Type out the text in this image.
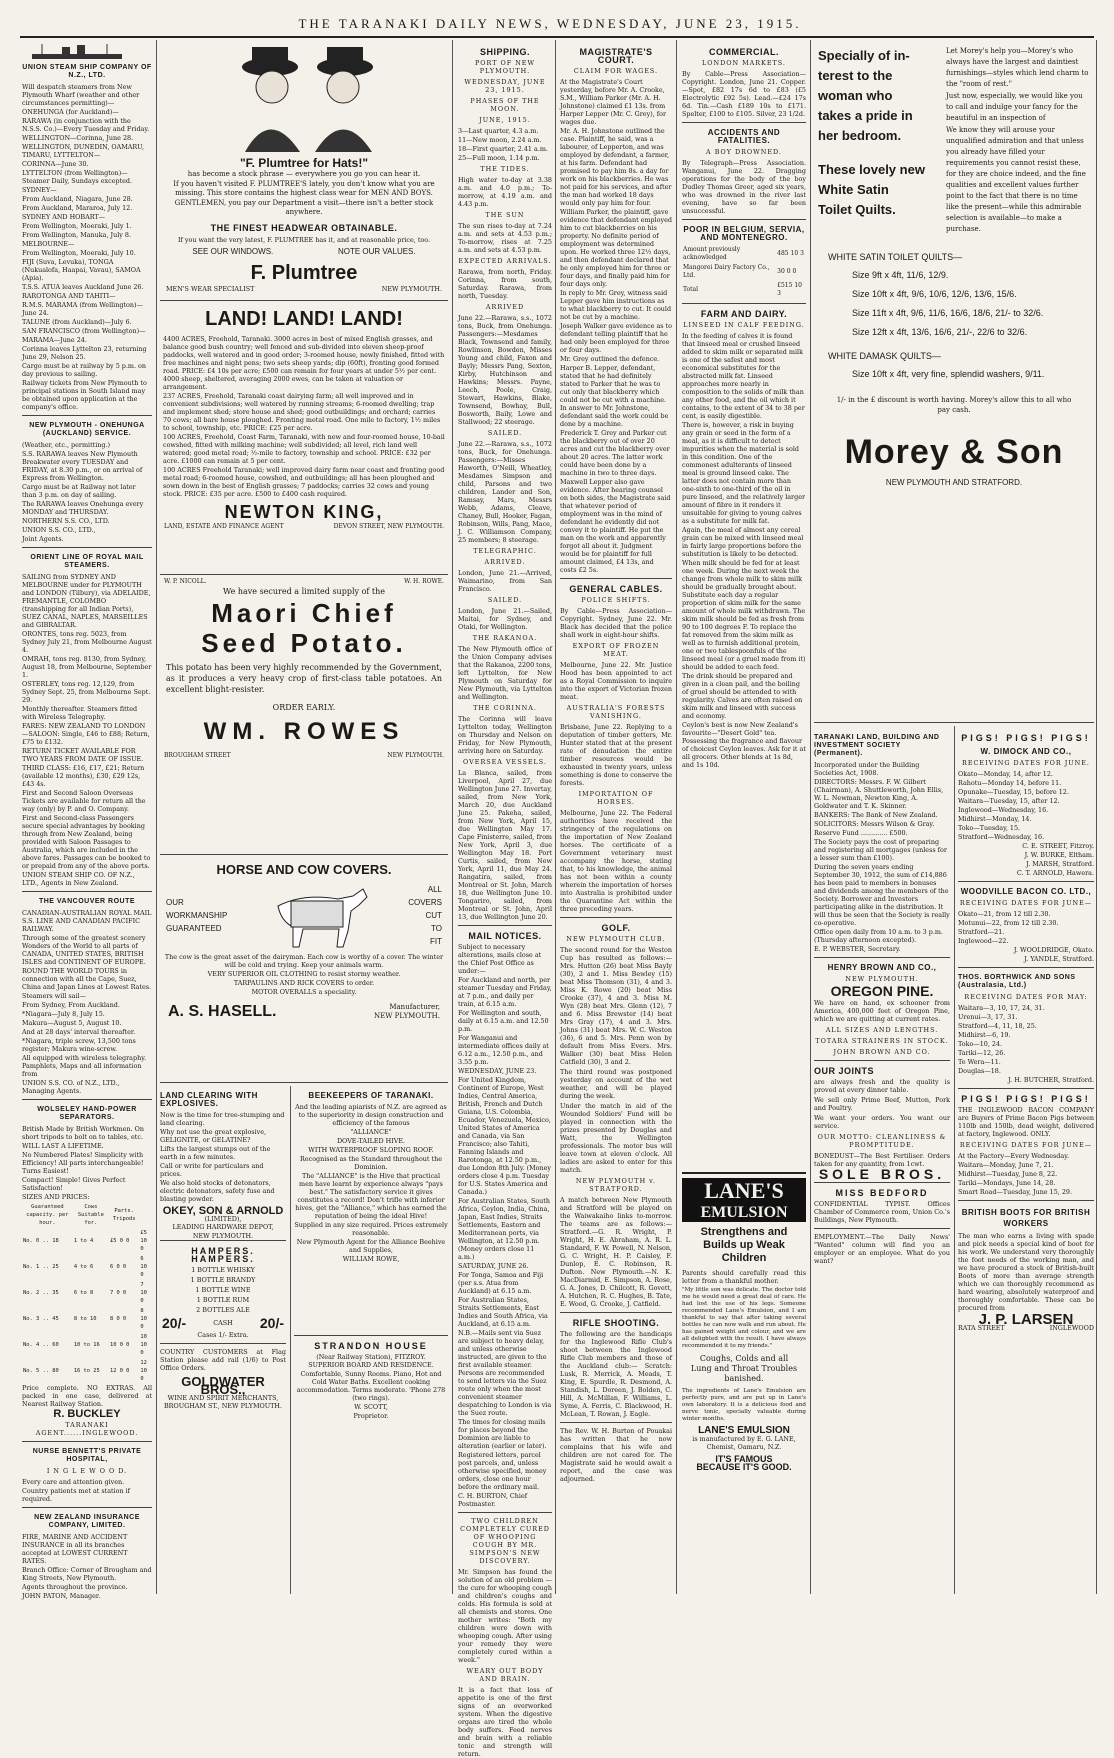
THE TARANAKI DAILY NEWS, WEDNESDAY, JUNE 23, 1915.
UNION STEAM SHIP COMPANY OF N.Z., LTD.
Will despatch steamers from New Plymouth Wharf (weather and other circumstances permitting)—
ONEHUNGA (for Auckland)—
RARAWA (in conjunction with the N.S.S. Co.)—Every Tuesday and Friday.
WELLINGTON—Corinna, June 28.
WELLINGTON, DUNEDIN, OAMARU, TIMARU, LYTTELTON—
CORINNA—June 30.
LYTTELTON (from Wellington)—Steamer Daily, Sundays excepted.
SYDNEY—
From Auckland, Niagara, June 28.
From Auckland, Mararoa, July 12.
SYDNEY AND HOBART—
From Wellington, Moeraki, July 1.
From Wellington, Manuka, July 8.
MELBOURNE—
From Wellington, Moeraki, July 10.
FIJI (Suva, Levuka), TONGA (Nukualofa, Haapai, Vavau), SAMOA (Apia).
T.S.S. ATUA leaves Auckland June 26.
RAROTONGA AND TAHITI—
R.M.S. MARAMA (from Wellington)—June 24.
TALUNE (from Auckland)—July 6.
SAN FRANCISCO (from Wellington)—
MARAMA—June 24.
Corinna leaves Lyttelton 23, returning June 29, Nelson 25.
Cargo must be at railway by 5 p.m. on day previous to sailing.
Railway tickets from New Plymouth to principal stations in South Island may be obtained upon application at the company's office.
NEW PLYMOUTH - ONEHUNGA (AUCKLAND) SERVICE.
(Weather, etc., permitting.)
S.S. RARAWA leaves New Plymouth Breakwater every TUESDAY and FRIDAY, at 8.30 p.m., or on arrival of Express from Wellington.
Cargo must be at Railway not later than 3 p.m. on day of sailing.
The RARAWA leaves Onehunga every MONDAY and THURSDAY.
NORTHERN S.S. CO., LTD.
UNION S.S. CO., LTD.,
Joint Agents.
ORIENT LINE OF ROYAL MAIL STEAMERS.
SAILING from SYDNEY AND MELBOURNE under for PLYMOUTH and LONDON (Tilbury), via ADELAIDE, FREMANTLE, COLOMBO (transhipping for all Indian Ports), SUEZ CANAL, NAPLES, MARSEILLES and GIBRALTAR.
ORONTES, tons reg. 5023, from Sydney July 21, from Melbourne August 4.
OMRAH, tons reg. 8130, from Sydney, August 18, from Melbourne, September 1.
OSTERLEY, tons reg. 12,129, from Sydney Sept. 25, from Melbourne Sept. 29.
Monthly thereafter. Steamers fitted with Wireless Telegraphy.
FARES: NEW ZEALAND TO LONDON —SALOON: Single, £46 to £88; Return, £75 to £132.
RETURN TICKET AVAILABLE FOR TWO YEARS FROM DATE OF ISSUE.
THIRD CLASS: £16, £17, £21; Return (available 12 months), £30, £29 12s, £43 4s.
First and Second Saloon Overseas Tickets are available for return all the way (only) by P. and O. Company.
First and Second-class Passengers secure special advantages by booking through from New Zealand, being provided with Saloon Passages to Australia, which are included in the above fares. Passages can be booked to or prepaid from any of the above ports.
UNION STEAM SHIP CO. OF N.Z., LTD., Agents in New Zealand.
THE VANCOUVER ROUTE
CANADIAN-AUSTRALIAN ROYAL MAIL S.S. LINE AND CANADIAN PACIFIC RAILWAY.
Through some of the greatest scenery Wonders of the World to all parts of CANADA, UNITED STATES, BRITISH ISLES and CONTINENT OF EUROPE.
ROUND THE WORLD TOURS in connection with all the Cape, Suez, China and Japan Lines at Lowest Rates.
Steamers will sail—
From Sydney, From Auckland.
*Niagara—July 8, July 15.
Makura—August 5, August 10.
And at 28 days' interval thereafter.
*Niagara, triple screw, 13,500 tons register; Makura wine-screw.
All equipped with wireless telegraphy. Pamphlets, Maps and all information from
UNION S.S. CO. of N.Z., LTD., Managing Agents.
WOLSELEY HAND-POWER SEPARATORS.
British Made by British Workmen. On short tripods to bolt on to tables, etc.
WILL LAST A LIFETIME.
No Numbered Plates! Simplicity with Efficiency! All parts interchangeable! Turns Easiest!
Compact! Simple! Gives Perfect Satisfaction!
SIZES AND PRICES:
Guaranteed capacity. per hour.	Cows Suitable for.	Parts. Tripods	
No. 0 .. 18	1 to 4	£5 0 0	£5 10 0
No. 1 .. 25	4 to 6	6 0 0	6 10 0
No. 2 .. 35	6 to 8	7 0 0	7 10 0
No. 3 .. 45	8 to 10	8 0 0	8 10 0
No. 4 .. 60	10 to 16	10 0 0	10 10 0
No. 5 .. 80	16 to 25	12 0 0	12 10 0

Price complete. NO EXTRAS. All packed in one case, delivered at Nearest Railway Station.

R. BUCKLEY
TARANAKI AGENT......INGLEWOOD.
NURSE BENNETT'S PRIVATE HOSPITAL,
I N G L E W O O D.
Every care and attention given.
Country patients met at station if required.
NEW ZEALAND INSURANCE COMPANY, LIMITED.
FIRE, MARINE AND ACCIDENT INSURANCE in all its branches accepted at LOWEST CURRENT RATES.
Branch Office: Corner of Brougham and King Streets, New Plymouth.
Agents throughout the province.
JOHN PATON, Manager.
"F. Plumtree for Hats!"
has become a stock phrase — everywhere you go you can hear it.
If you haven't visited F. PLUMTREE'S lately, you don't know what you are missing. This store contains the highest class wear for MEN AND BOYS.
GENTLEMEN, you pay our Department a visit—there isn't a better stock anywhere.
THE FINEST HEADWEAR OBTAINABLE.
If you want the very latest, F. PLUMTREE has it, and at reasonable price, too.
SEE OUR WINDOWS.	NOTE OUR VALUES.
F. Plumtree
MEN'S WEAR SPECIALIST	NEW PLYMOUTH.
LAND! LAND! LAND!
4400 ACRES, Freehold, Taranaki. 3000 acres in best of mixed English grasses, and balance good bush country; well fenced and sub-divided into eleven sheep-proof paddocks, well watered and in good order; 3-roomed house, newly finished, fitted with free machines and night pens; two sets sheep yards; dip (60ft), fronting good formed road. PRICE: £4 10s per acre; £500 can remain for four years at under 5½ per cent. 4000 sheep, sheltered, averaging 2000 ewes, can be taken at valuation or arrangement.
237 ACRES, Freehold, Taranaki coast dairying farm; all well improved and in convenient subdivisions; well watered by running streams; 6-roomed dwelling; trap and implement shed; store house and shed; good outbuildings; and orchard; carries 70 cows; all bare house ploughed. Fronting metal road. One mile to factory, 1½ miles to school, township, etc. PRICE: £25 per acre.
100 ACRES, Freehold, Coast Farm, Taranaki, with new and four-roomed house, 10-bail cowshed, fitted with milking machine; well subdivided; all level, rich land well watered; good metal road; ½-mile to factory, township and school. PRICE: £32 per acre. £1000 can remain at 5 per cent.
100 ACRES Freehold Taranaki; well improved dairy farm near coast and fronting good metal road; 6-roomed house, cowshed, and outbuildings; all has been ploughed and sown down in the best of English grasses; 7 paddocks; carries 32 cows and young stock. PRICE: £35 per acre. £500 to £400 cash required.
NEWTON KING,
LAND, ESTATE AND FINANCE AGENT	DEVON STREET, NEW PLYMOUTH.
W. P. NICOLL.	W. H. ROWE.
We have secured a limited supply of the
Maori Chief
Seed Potato.
This potato has been very highly recommended by the Government, as it produces a very heavy crop of first-class table potatoes. An excellent blight-resister.
ORDER EARLY.
WM. ROWES
BROUGHAM STREET	NEW PLYMOUTH.
HORSE AND COW COVERS.
OUR
WORKMANSHIP
GUARANTEED
ALL
COVERS
CUT
TO
FIT
The cow is the great asset of the dairyman. Each cow is worthy of a cover. The winter will be cold and trying. Keep your animals warm.
VERY SUPERIOR OIL CLOTHING to resist stormy weather.
TARPAULINS AND RICK COVERS to order.
MOTOR OVERALLS a speciality.
A. S. HASELL.	Manufacturer,
NEW PLYMOUTH.
LAND CLEARING WITH EXPLOSIVES.
Now is the time for tree-stumping and land clearing.
Why not use the great explosive, GELIGNITE, or GELATINE?
Lifts the largest stumps out of the earth in a few minutes.
Call or write for particulars and prices.
We also hold stocks of detonators, electric detonators, safety fuse and blasting powder.
OKEY, SON & ARNOLD
(LIMITED),
LEADING HARDWARE DEPOT,
NEW PLYMOUTH.
HAMPERS. HAMPERS.
1 BOTTLE WHISKY
1 BOTTLE BRANDY
1 BOTTLE WINE
1 BOTTLE RUM
2 BOTTLES ALE
20/-	CASH 20/-
Cases 1/- Extra.

COUNTRY CUSTOMERS at Flag Station please add rail (1/6) to Post Office Orders.

GOLDWATER BROS.,
WINE AND SPIRIT MERCHANTS,
BROUGHAM ST., NEW PLYMOUTH.
BEEKEEPERS OF TARANAKI.
And the leading apiarists of N.Z. are agreed as to the superiority in design construction and efficiency of the famous
"ALLIANCE"
DOVE-TAILED HIVE.
WITH WATERPROOF SLOPING ROOF.
Recognised as the Standard throughout the Dominion.
The "ALLIANCE" is the Hive that practical men have learnt by experience always "pays best." The satisfactory service it gives constitutes a record! Don't trifle with inferior hives, get the "Alliance," which has earned the reputation of being the ideal Hive!
Supplied in any size required. Prices extremely reasonable.
New Plymouth Agent for the Alliance Beehive and Supplies,
WILLIAM ROWE,
STRANDON HOUSE
(Near Railway Station), FITZROY.
SUPERIOR BOARD AND RESIDENCE.
Comfortable, Sunny Rooms. Piano, Hot and Cold Water Baths. Excellent cooking accommodation. Terms moderate. 'Phone 278 (two rings).
W. SCOTT,
Proprietor.
SHIPPING.
PORT OF NEW PLYMOUTH.
WEDNESDAY, JUNE 23, 1915.
PHASES OF THE MOON.
JUNE, 1915.
3—Last quarter, 4.3 a.m.
11—New moon, 2.24 a.m.
18—First quarter, 2.41 a.m.
25—Full moon, 1.14 p.m.
THE TIDES.

High water to-day at 3.38 a.m. and 4.0 p.m.; To-morrow, at 4.19 a.m. and 4.43 p.m.

THE SUN

The sun rises to-day at 7.24 a.m. and sets at 4.53 p.m.; To-morrow, rises at 7.25 a.m. and sets at 4.53 p.m.

EXPECTED ARRIVALS.

Rarawa, from north, Friday. Corinna, from south, Saturday. Rarawa, from north, Tuesday.

ARRIVED

June 22.—Rarawa, s.s., 1072 tons, Buck, from Onehunga. Passengers:—Mesdames Black, Townsend and family, Rowlinson, Bowden, Misses Young and child, Faxon and Bayly; Messrs Pang, Sexton, Kirby, Hutchinson and Hawkins; Messrs. Payne, Leech, Poole, Craig, Stewart, Hawkins, Blake, Townsend, Bowhay, Bull, Bosworth, Baily, Lowe and Stallwood; 22 steerage.

SAILED.

June 22.—Rarawa, s.s., 1072 tons, Buck, for Onehunga. Passengers:—Misses Haworth, O'Neill, Wheatley, Mesdames Simpson and child, Parsons and two children, Lander and Son, Ramsay, Mars, Messrs Webb, Adams, Cleave, Chaney, Bull, Hooker, Fagan, Robinson, Wills, Pang, Mace, J. C. Williamson Company, 25 members; 8 steerage.

TELEGRAPHIC.
ARRIVED.

London, June 21.—Arrived, Waimarino, from San Francisco.

SAILED.

London, June 21.—Sailed, Maitai, for Sydney, and Otaki, for Wellington.

THE RAKANOA.

The New Plymouth office of the Union Company advises that the Rakanoa, 2200 tons, left Lyttelton, for New Plymouth on Saturday for New Plymouth, via Lyttelton and Wellington.

THE CORINNA.

The Corinna will leave Lyttelton today, Wellington on Thursday and Nelson on Friday, for New Plymouth, arriving here on Saturday.

OVERSEA VESSELS.

La Blanca, sailed, from Liverpool, April 27, due Wellington June 27. Invertay, sailed, from New York, March 20, due Auckland June 25. Pakeha, sailed, from New York, April 15, due Wellington May 17. Cape Finisterre, sailed, from New York, April 3, due Wellington May 18. Port Curtis, sailed, from New York, April 11, due May 24. Rangatira, sailed, from Montreal or St. John, March 18, due Wellington June 10. Tongariro, sailed, from Montreal or St. John, April 13, due Wellington June 20.

MAIL NOTICES.
Subject to necessary alterations, mails close at the Chief Post Office as under:—
For Auckland and north, per steamer Tuesday and Friday, at 7 p.m., and daily per train, at 6.15 a.m.
For Wellington and south, daily at 6.15 a.m. and 12.50 p.m.
For Wanganui and intermediate offices daily at 6.12 a.m., 12.50 p.m., and 3.55 p.m.
WEDNESDAY, JUNE 23.
For United Kingdom, Continent of Europe, West Indies, Central America, British, French and Dutch Guiana, U.S. Colombia, Ecuador, Venezuela, Mexico, United States of America and Canada, via San Francisco; also Tahiti, Fanning Islands and Rarotonga, at 12.50 p.m., due London 8th July. (Money orders close 4 p.m. Tuesday for U.S. States America and Canada.)
For Australian States, South Africa, Ceylon, India, China, Japan, East Indies, Straits Settlements, Eastern and Mediterranean ports, via Wellington, at 12.50 p.m. (Money orders close 11 a.m.)
SATURDAY, JUNE 26.
For Tonga, Samoa and Fiji (per s.s. Atua from Auckland) at 6.15 a.m.
For Australian States, Straits Settlements, East Indies and South Africa, via Auckland, at 6.15 a.m.
N.B.—Mails sent via Suez are subject to heavy delay, and unless otherwise instructed, are given to the first available steamer. Persons are recommended to send letters via the Suez route only when the most convenient steamer despatching to London is via the Suez route.
The times for closing mails for places beyond the Dominion are liable to alteration (earlier or later).
Registered letters, parcel post parcels, and, unless otherwise specified, money orders, close one hour before the ordinary mail.
C. H. BURTON, Chief Postmaster.
TWO CHILDREN COMPLETELY CURED OF WHOOPING COUGH BY MR. SIMPSON'S NEW DISCOVERY.

Mr. Simpson has found the solution of an old problem — the cure for whooping cough and children's coughs and colds. His formula is sold at all chemists and stores. One mother writes: "Both my children were down with whooping cough. After using your remedy they were completely cured within a week."

WEARY OUT BODY AND BRAIN.

It is a fact that loss of appetite is one of the first signs of an overworked system. When the digestive organs are tired the whole body suffers. Feed nerves and brain with a reliable tonic and strength will return.

MAGISTRATE'S COURT.
CLAIM FOR WAGES.
At the Magistrate's Court yesterday, before Mr. A. Crooke, S.M., William Parker (Mr. A. H. Johnstone) claimed £1 13s. from Harper Lepper (Mr. C. Grey), for wages due.
Mr. A. H. Johnstone outlined the case. Plaintiff, he said, was a labourer, of Lepperton, and was employed by defendant, a farmer, at his farm. Defendant had promised to pay him 8s. a day for work on his blackberries. He was not paid for his services, and after the man had worked 18 days would only pay him for four.
William Parker, the plaintiff, gave evidence that defendant employed him to cut blackberries on his property. No definite period of employment was determined upon. He worked three 12½ days, and then defendant declared that he only employed him for three or four days, and finally paid him for four days only.
In reply to Mr. Grey, witness said Lepper gave him instructions as to what blackberry to cut. It could not be cut by a machine.
Joseph Walker gave evidence as to defendant telling plaintiff that he had only been employed for three or four days.
Mr. Grey outlined the defence.
Harper B. Lepper, defendant, stated that he had definitely stated to Parker that he was to cut only that blackberry which could not be cut with a machine. In answer to Mr. Johnstone, defendant said the work could be done by a machine.
Frederick T. Grey and Parker cut the blackberry out of over 20 acres and cut the blackberry over about 20 acres. The latter work could have been done by a machine in two to three days.
Maxwell Lepper also gave evidence. After hearing counsel on both sides, the Magistrate said that whatever period of employment was in the mind of defendant he evidently did not convey it to plaintiff. He put the man on the work and apparently forgot all about it. Judgment would be for plaintiff for full amount claimed, £4 13s, and costs £2 5s.
GENERAL CABLES.
POLICE SHIFTS.

By Cable—Press Association—Copyright. Sydney, June 22. Mr. Black has decided that the police shall work in eight-hour shifts.

EXPORT OF FROZEN MEAT.

Melbourne, June 22. Mr. Justice Hood has been appointed to act as a Royal Commission to inquire into the export of Victorian frozen meat.

AUSTRALIA'S FORESTS VANISHING.

Brisbane, June 22. Replying to a deputation of timber getters, Mr. Hunter stated that at the present rate of denudation the entire timber resources would be exhausted in twenty years, unless something is done to conserve the forests.

IMPORTATION OF HORSES.

Melbourne, June 22. The Federal authorities have received the stringency of the regulations on the importation of New Zealand horses. The certificate of a Government veterinary must accompany the horse, stating that, to his knowledge, the animal has not been within a county wherein the importation of horses into Australia is prohibited under the Quarantine Act within the three preceding years.

GOLF.
NEW PLYMOUTH CLUB.

The second round for the Weston Cup has resulted as follows:— Mrs. Hutton (26) beat Miss Bayly (30), 2 and 1. Miss Bewley (15) beat Miss Thomson (31), 4 and 3. Miss K. Rowe (20) beat Miss Crooke (37), 4 and 3. Miss M. Wyn (28) beat Mrs. Glenn (12), 7 and 6. Miss Brewster (14) beat Mrs Gray (17), 4 and 3. Mrs. Johns (31) beat Mrs. W. C. Weston (36), 6 and 5. Mrs. Penn won by default from Miss Evers. Mrs. Walker (30) beat Miss Helen Catfield (30), 3 and 2.

The third round was postponed yesterday on account of the wet weather, and will be played during the week.

Under the match in aid of the Wounded Soldiers' Fund will be played in connection with the prizes presented by Douglas and Watt, the Wellington professionals. The motor bus will leave town at eleven o'clock. All ladies are asked to enter for this match.

NEW PLYMOUTH v. STRATFORD.

A match between New Plymouth and Stratford will be played on the Waiwakaiho links to-morrow. The teams are as follows:— Stratford.—G. R. Wright, P. Wright, H. E. Abraham, A. R. L. Standard, F. W. Powell, N. Nelson, G. C. Wright, H. P. Caisley, F. Dunlop, E. C. Robinson, R. Dufton. New Plymouth.—N. K. MacDiarmid, E. Simpson, A. Rose, G. A. Jones, D. Chilcott, R. Govett, A. Hutchen, R. C. Hughes, B. Tate, E. Wood, G. Crooke, J. Catfield.

RIFLE SHOOTING.

The following are the handicaps for the Inglewood Rifle Club's shoot between the Inglewood Rifle Club members and those of the Auckland club:— Scratch: Lusk, R. Merrick, A. Meads, T. King, E. Spurdle, R. Desmond, A. Standish, L. Doreen, J. Bolden, C. Hill, A. McMillan, F. Williams, L. Syme, A. Ferris, C. Blackwood, H. McLean, T. Rowan, J. Eagle.

The Rev. W. H. Burton of Pouakai has written that he now complains that his wife and children are not cared for. The Magistrate said he would await a report, and the case was adjourned.

COMMERCIAL.
LONDON MARKETS.

By Cable—Press Association—Copyright. London, June 21. Copper.—Spot, £82 17s 6d to £83 (£5 Electrolytic £92 5s). Lead.—£24 17s 6d. Tin.—Cash £189 10s to £171. Spelter, £100 to £105. Silver, 23 1/2d.

ACCIDENTS AND FATALITIES.
A BOY DROWNED.

By Telegraph—Press Association. Wanganui, June 22. Dragging operations for the body of the boy Dudley Thomas Greer, aged six years, who was drowned in the river last evening, have so far been unsuccessful.

POOR IN BELGIUM, SERVIA, AND MONTENEGRO.
Amount previously acknowledged	485 10 3
Mangorei Dairy Factory Co., Ltd.	30 0 0
Total	£515 10 3
FARM AND DAIRY.
LINSEED IN CALF FEEDING.
In the feeding of calves it is found that linseed meal or crushed linseed added to skim milk or separated milk is one of the safest and most economical substitutes for the abstracted milk fat. Linseed approaches more nearly in composition to the solids of milk than any other food, and the oil which it contains, to the extent of 34 to 38 per cent, is easily digestible.
There is, however, a risk in buying any grain or seed in the form of a meal, as it is difficult to detect impurities when the material is sold in this condition. One of the commonest adulterants of linseed meal is ground linseed cake. The latter does not contain more than one-sixth to one-third of the oil in pure linseed, and the relatively larger amount of fibre in it renders it unsuitable for giving to young calves as a substitute for milk fat.
Again, the meal of almost any cereal grain can be mixed with linseed meal in fairly large proportions before the substitution is likely to be detected.
When milk should be fed for at least one week. During the next week the change from whole milk to skim milk should be gradually brought about. Substitute each day a regular proportion of skim milk for the same amount of whole milk withdrawn. The skim milk should be fed as fresh from 90 to 100 degrees F. To replace the fat removed from the skim milk as well as to furnish additional protein, one or two tablespoonfuls of the linseed meal (or a gruel made from it) should be added to each feed.
The drink should be prepared and given in a clean pail, and the boiling of gruel should be attended to with regularity. Calves are often raised on skim milk and linseed with success and economy.
Ceylon's best is now New Zealand's favourite—"Desert Gold" tea. Possessing the fragrance and flavour of choicest Ceylon leaves. Ask for it at all grocers. Other blends at 1s 8d, and 1s 10d.
LANE'S
EMULSION
Strengthens and
Builds up Weak
Children

Parents should carefully read this letter from a thankful mother.

"My little son was delicate. The doctor told me he would need a great deal of care. He had lost the use of his legs. Someone recommended Lane's Emulsion, and I am thankful to say that after taking several bottles he can now walk and run about. He has gained weight and colour, and we are all delighted with the result. I have always recommended it to my friends."

Coughs, Colds and all
Lung and Throat Troubles
banished.

The ingredients of Lane's Emulsion are perfectly pure, and are put up in Lane's own laboratory. It is a delicious food and nerve tonic, specially valuable during winter months.

LANE'S EMULSION
is manufactured by E. G. LANE, Chemist, Oamaru, N.Z.
IT'S FAMOUS
BECAUSE IT'S GOOD.
Specially of in-
terest to the
woman who
takes a pride in
her bedroom.
These lovely new
White Satin
Toilet Quilts.
Let Morey's help you—Morey's who always have the largest and daintiest furnishings—styles which lend charm to the "room of rest."
Just now, especially, we would like you to call and indulge your fancy for the beautiful in an inspection of
We know they will arouse your unqualified admiration and that unless you already have filled your requirements you cannot resist these, for they are choice indeed, and the fine qualities and excellent values further point to the fact that there is no time like the present—while this admirable selection is available—to make a purchase.
WHITE SATIN TOILET QUILTS—
Size 9ft x 4ft, 11/6, 12/9.
Size 10ft x 4ft, 9/6, 10/6, 12/6, 13/6, 15/6.
Size 11ft x 4ft, 9/6, 11/6, 16/6, 18/6, 21/- to 32/6.
Size 12ft x 4ft, 13/6, 16/6, 21/-, 22/6 to 32/6.
WHITE DAMASK QUILTS—
Size 10ft x 4ft, very fine, splendid washers, 9/11.
1/- in the £ discount is worth having. Morey's allow this to all who pay cash.
Morey & Son
NEW PLYMOUTH AND STRATFORD.
TARANAKI LAND, BUILDING AND INVESTMENT SOCIETY (Permanent).
Incorporated under the Building Societies Act, 1908.
DIRECTORS: Messrs. F. W. Gilbert (Chairman), A. Shuttleworth, John Ellis, W. L. Newman, Newton King, A. Goldwater and T. K. Skinner.
BANKERS: The Bank of New Zealand.
SOLICITORS: Messrs Wilson & Gray.
Reserve Fund ............. £500.
The Society pays the cost of preparing and registering all mortgages (unless for a lesser sum than £100).
During the seven years ending September 30, 1912, the sum of £14,886 has been paid to members in bonuses and dividends among the members of the Society. Borrower and Investors participating alike in the distribution. It will thus be seen that the Society is really co-operative.
Office open daily from 10 a.m. to 3 p.m. (Thursday afternoon excepted).
E. P. WEBSTER, Secretary.
HENRY BROWN AND CO.,
NEW PLYMOUTH.
OREGON PINE.

We have on hand, ex schooner from America, 400,000 feet of Oregon Pine, which we are quitting at current rates.

ALL SIZES AND LENGTHS.
TOTARA STRAINERS IN STOCK.
JOHN BROWN AND CO.
OUR JOINTS

are always fresh and the quality is proved at every dinner table.

We sell only Prime Beef, Mutton, Pork and Poultry.

We want your orders. You want our service.

OUR MOTTO: CLEANLINESS & PROMPTITUDE.

BONEDUST—The Best Fertiliser. Orders taken for any quantity, from 1cwt.

SOLE BROS.
MISS BEDFORD

CONFIDENTIAL TYPIST. Offices Chamber of Commerce room, Union Co.'s Buildings, New Plymouth.

EMPLOYMENT.—The Daily News' "Wanted" column will find you an employer or an employee. What do you want?

PIGS! PIGS! PIGS!
W. DIMOCK AND CO.,
RECEIVING DATES FOR JUNE.
Okato—Monday, 14, after 12.
Rahotu—Monday 14, before 11.
Opunake—Tuesday, 15, before 12.
Waitara—Tuesday, 15, after 12.
Inglewood—Wednesday, 16.
Midhirst—Monday, 14.
Toko—Tuesday, 15.
Stratford—Wednesday, 16.
C. E. STREET, Fitzroy.
J. W. BURKE, Eltham.
J. MARSH, Stratford.
C. T. ARNOLD, Hawera.
WOODVILLE BACON CO. LTD.,
RECEIVING DATES FOR JUNE—
Okato—21, from 12 till 2.30.
Motunui—22, from 12 till 2.30.
Stratford—21.
Inglewood—22.
J. WOOLDRIDGE, Okato.
J. YANDLE, Stratford.
THOS. BORTHWICK AND SONS (Australasia, Ltd.)
RECEIVING DATES FOR MAY:
Waitara—3, 10, 17, 24, 31.
Urenui—3, 17, 31.
Stratford—4, 11, 18, 25.
Midhirst—6, 19.
Toko—10, 24.
Tariki—12, 26.
Te Wera—11.
Douglas—18.
J. H. BUTCHER, Stratford.
PIGS! PIGS! PIGS!

THE INGLEWOOD BACON COMPANY are Buyers of Prime Bacon Pigs between 110lb and 150lb, dead weight, delivered at factory, Inglewood. ONLY.

RECEIVING DATES FOR JUNE—
At the Factory—Every Wednesday.
Waitara—Monday, June 7, 21.
Midhirst—Tuesday, June 8, 22.
Tariki—Mondays, June 14, 28.
Smart Road—Tuesday, June 15, 29.
BRITISH BOOTS FOR BRITISH WORKERS

The man who earns a living with spade and pick needs a special kind of boot for his work. We understand very thoroughly the foot needs of the working man, and we have procured a stock of British-built Boots of more than average strength which we can thoroughly recommend as hard wearing, absolutely waterproof and thoroughly comfortable. These can be procured from

J. P. LARSEN
RATA STREET	INGLEWOOD
